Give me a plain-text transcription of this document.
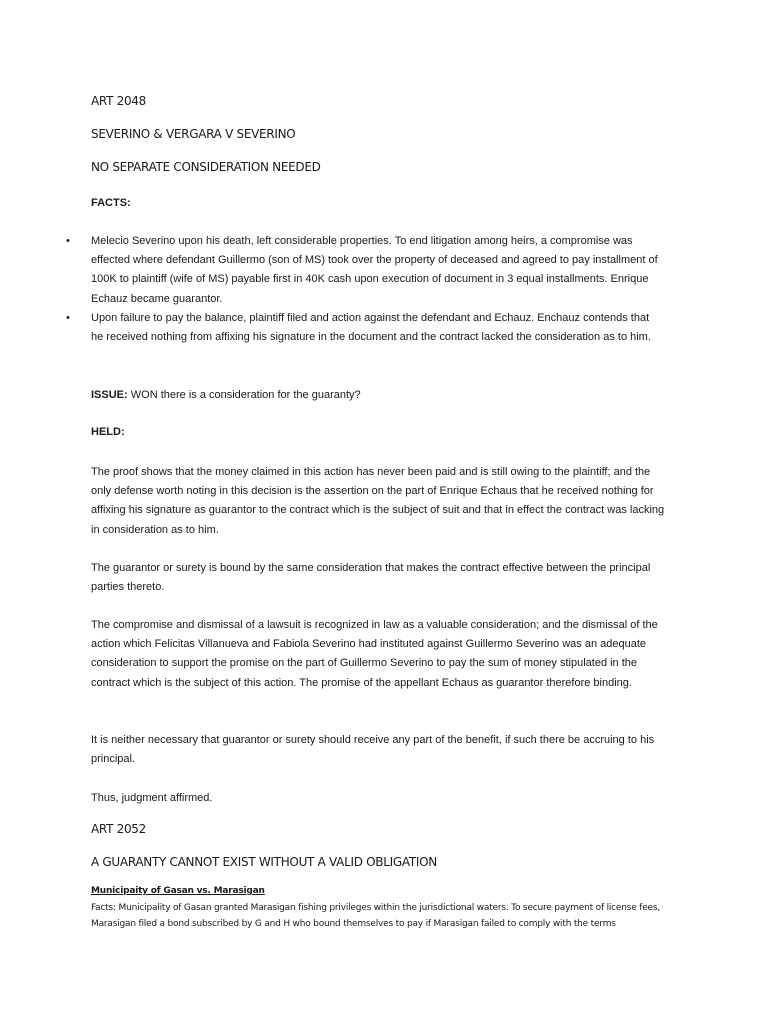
ART 2048
SEVERINO & VERGARA V SEVERINO
NO SEPARATE CONSIDERATION NEEDED
FACTS:
• Melecio Severino upon his death, left considerable properties. To end litigation among heirs, a compromise was effected where defendant Guillermo (son of MS) took over the property of deceased and agreed to pay installment of 100K to plaintiff (wife of MS) payable first in 40K cash upon execution of document in 3 equal installments. Enrique Echauz became guarantor.
• Upon failure to pay the balance, plaintiff filed and action against the defendant and Echauz. Enchauz contends that he received nothing from affixing his signature in the document and the contract lacked the consideration as to him.
ISSUE: WON there is a consideration for the guaranty?
HELD:

The proof shows that the money claimed in this action has never been paid and is still owing to the plaintiff; and the only defense worth noting in this decision is the assertion on the part of Enrique Echaus that he received nothing for affixing his signature as guarantor to the contract which is the subject of suit and that in effect the contract was lacking in consideration as to him.

The guarantor or surety is bound by the same consideration that makes the contract effective between the principal parties thereto.

The compromise and dismissal of a lawsuit is recognized in law as a valuable consideration; and the dismissal of the action which Felicitas Villanueva and Fabiola Severino had instituted against Guillermo Severino was an adequate consideration to support the promise on the part of Guillermo Severino to pay the sum of money stipulated in the contract which is the subject of this action. The promise of the appellant Echaus as guarantor therefore binding.

It is neither necessary that guarantor or surety should receive any part of the benefit, if such there be accruing to his principal.

Thus, judgment affirmed.

ART 2052
A GUARANTY CANNOT EXIST WITHOUT A VALID OBLIGATION
Municipaity of Gasan vs. Marasigan

Facts: Municipality of Gasan granted Marasigan fishing privileges within the jurisdictional waters. To secure payment of license fees, Marasigan filed a bond subscribed by G and H who bound themselves to pay if Marasigan failed to comply with the terms
